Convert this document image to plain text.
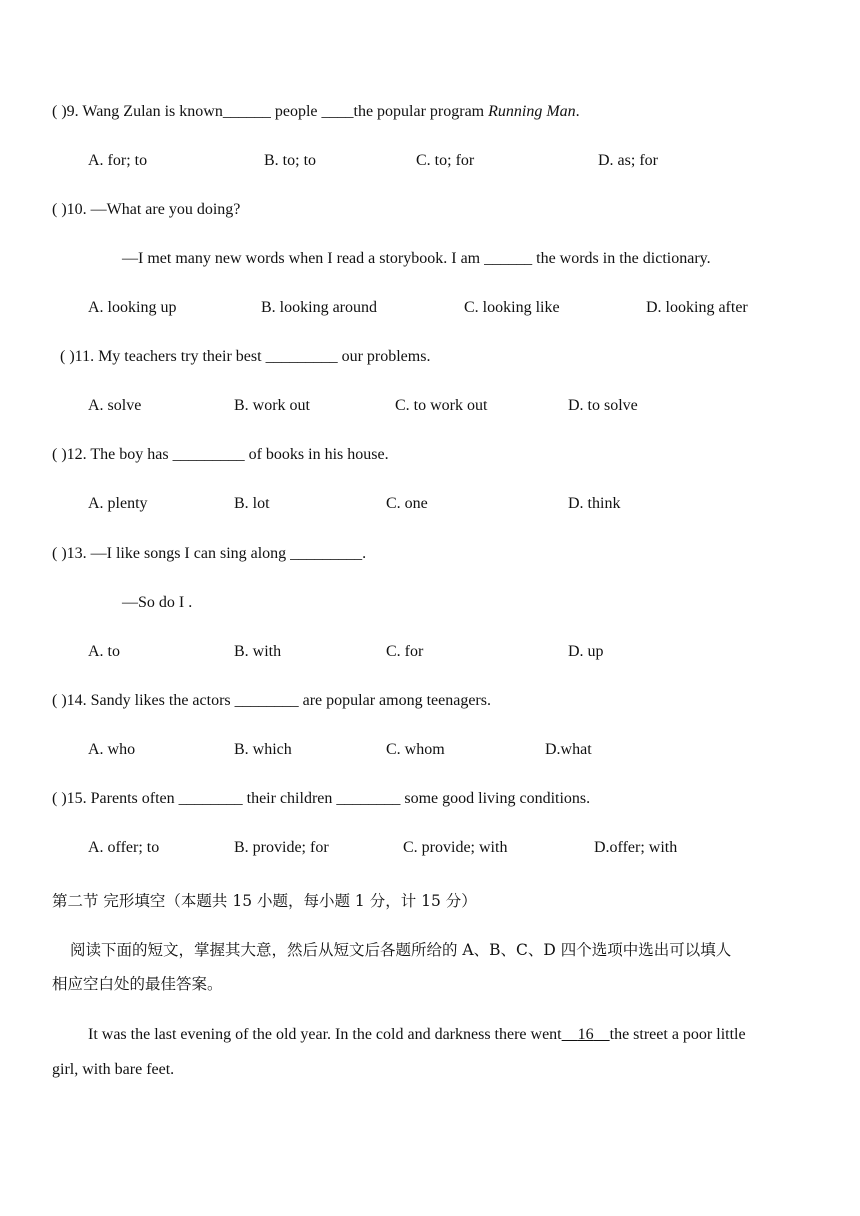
( )9. Wang Zulan is known______ people ____the popular program Running Man.
A. for; to	B. to; to	C. to; for	D. as; for
( )10. —What are you doing?
—I met many new words when I read a storybook. I am ______ the words in the dictionary.
A. looking up	B. looking around	C. looking like	D. looking after
( )11. My teachers try their best _________ our problems.
A. solve	B. work out	C. to work out	D. to solve
( )12. The boy has _________ of books in his house.
A. plenty	B. lot	C. one	D. think
( )13. —I like songs I can sing along _________.
—So do I .
A. to	B. with	C. for	D. up
( )14. Sandy likes the actors ________ are popular among teenagers.
A. who	B. which	C. whom	D.what
( )15. Parents often ________ their children ________ some good living conditions.
A. offer; to	B. provide; for	C. provide; with	D.offer; with
第二节 完形填空（本题共 15 小题，每小题 1 分，计 15 分）
阅读下面的短文，掌握其大意，然后从短文后各题所给的 A、B、C、D 四个选项中选出可以填人
相应空白处的最佳答案。
It was the last evening of the old year. In the cold and darkness there went 16 the street a poor little
girl, with bare feet.
